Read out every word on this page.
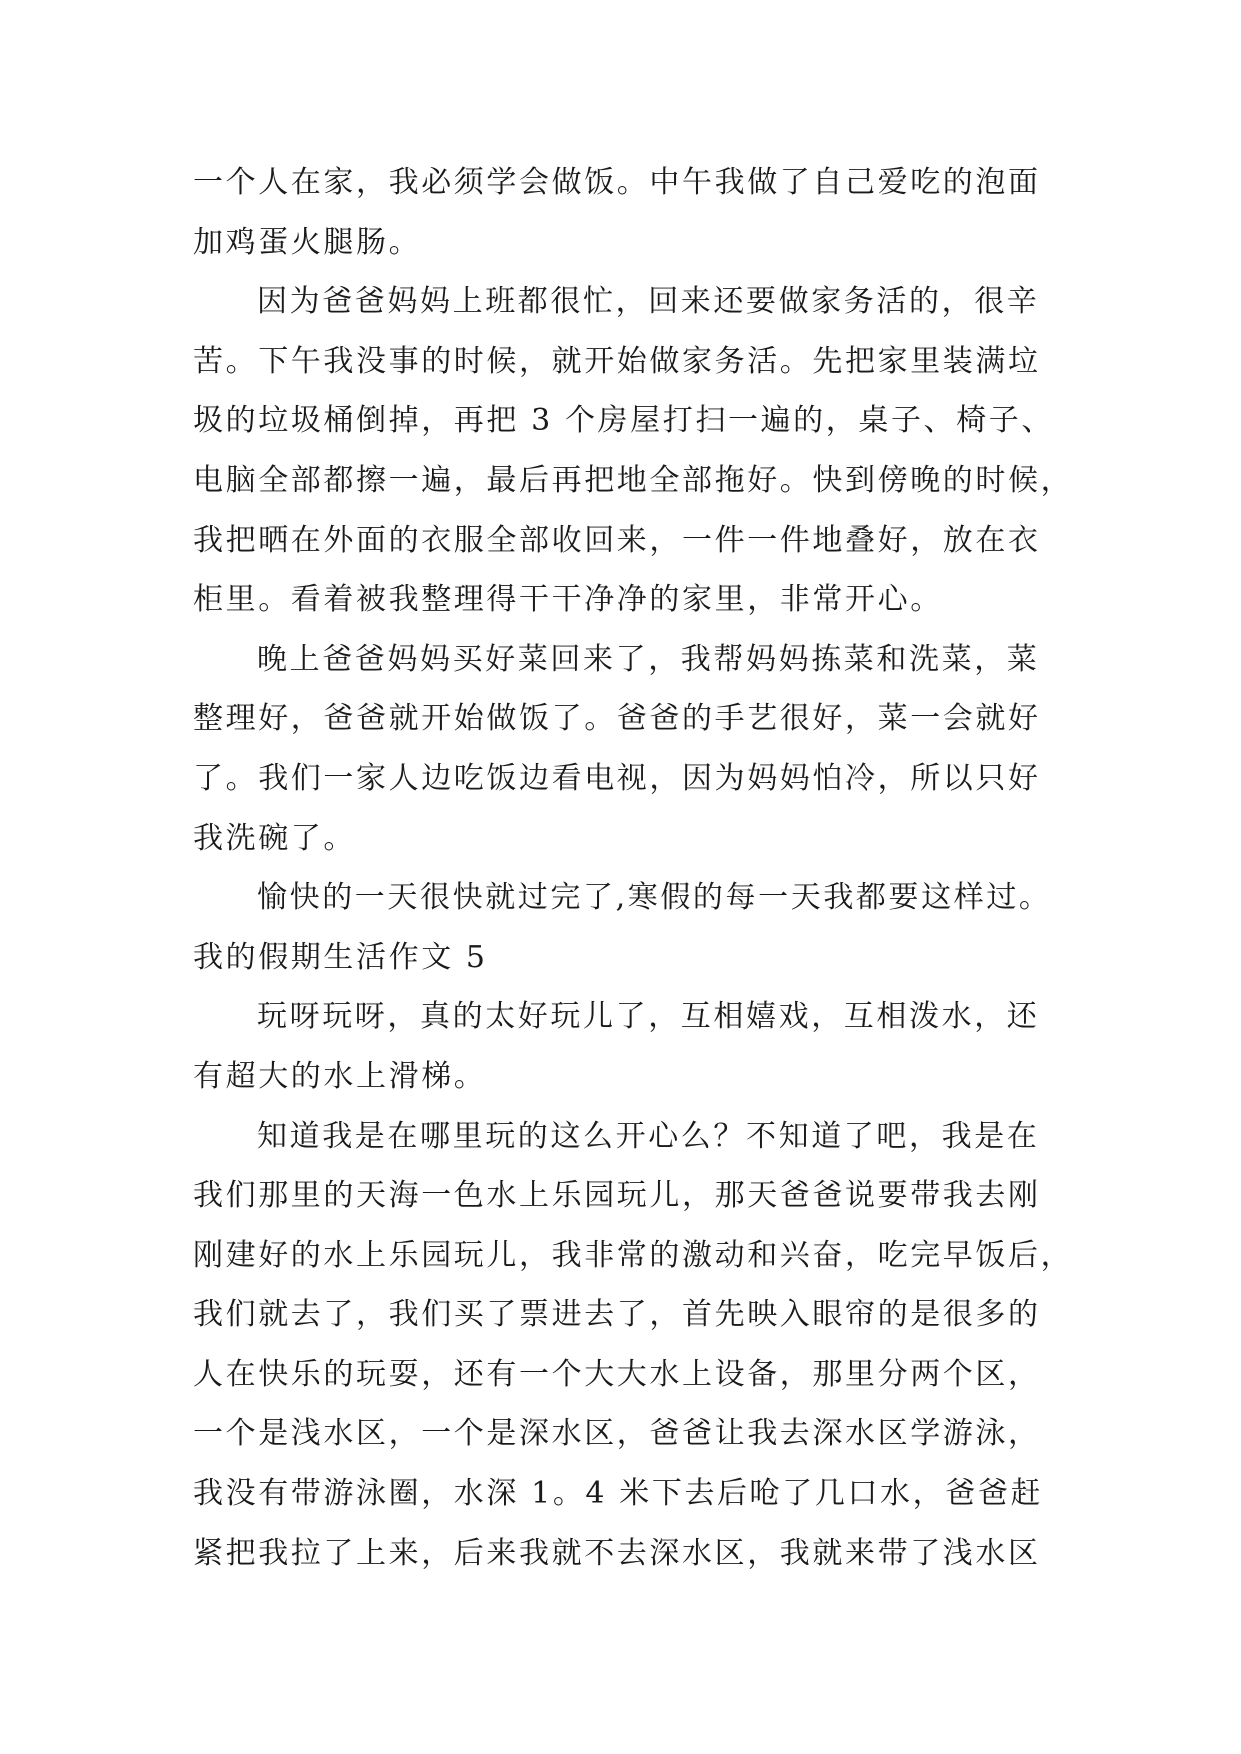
一个人在家，我必须学会做饭。中午我做了自己爱吃的泡面
加鸡蛋火腿肠。
因为爸爸妈妈上班都很忙，回来还要做家务活的，很辛
苦。下午我没事的时候，就开始做家务活。先把家里装满垃
圾的垃圾桶倒掉，再把 3 个房屋打扫一遍的，桌子、椅子、
电脑全部都擦一遍，最后再把地全部拖好。快到傍晚的时候，
我把晒在外面的衣服全部收回来，一件一件地叠好，放在衣
柜里。看着被我整理得干干净净的家里，非常开心。
晚上爸爸妈妈买好菜回来了，我帮妈妈拣菜和洗菜，菜
整理好，爸爸就开始做饭了。爸爸的手艺很好，菜一会就好
了。我们一家人边吃饭边看电视，因为妈妈怕冷，所以只好
我洗碗了。
愉快的一天很快就过完了,寒假的每一天我都要这样过。
我的假期生活作文 5
玩呀玩呀，真的太好玩儿了，互相嬉戏，互相泼水，还
有超大的水上滑梯。
知道我是在哪里玩的这么开心么？不知道了吧，我是在
我们那里的天海一色水上乐园玩儿，那天爸爸说要带我去刚
刚建好的水上乐园玩儿，我非常的激动和兴奋，吃完早饭后，
我们就去了，我们买了票进去了，首先映入眼帘的是很多的
人在快乐的玩耍，还有一个大大水上设备，那里分两个区，
一个是浅水区，一个是深水区，爸爸让我去深水区学游泳，
我没有带游泳圈，水深 1。4 米下去后呛了几口水，爸爸赶
紧把我拉了上来，后来我就不去深水区，我就来带了浅水区
